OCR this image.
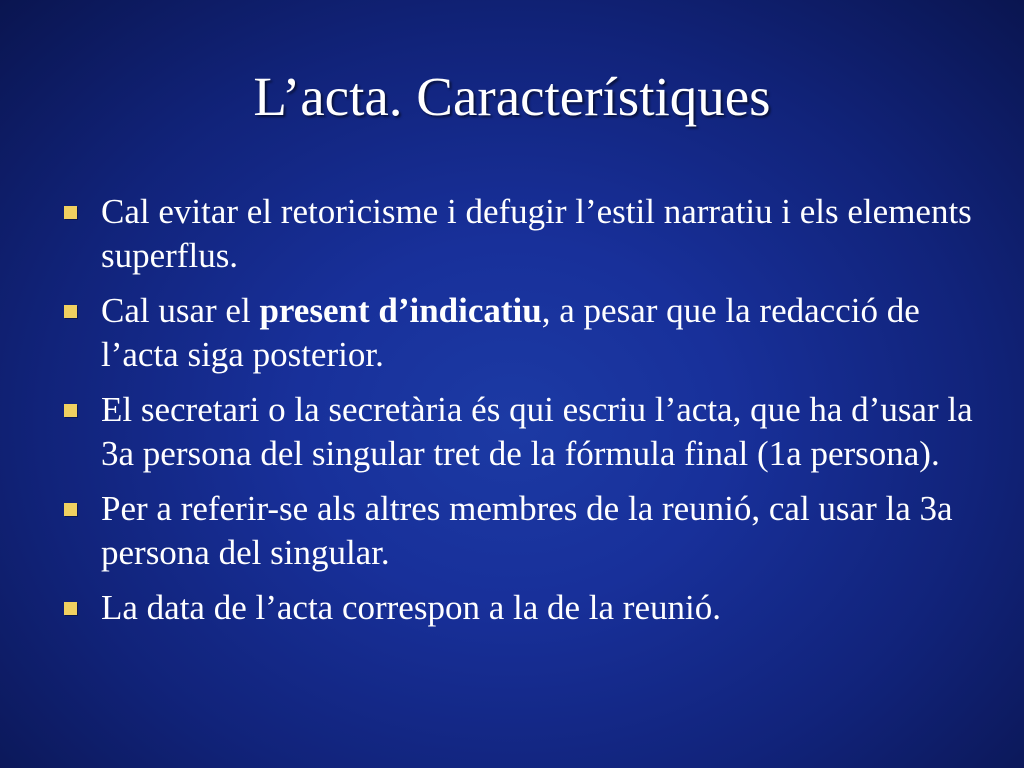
L’acta. Característiques
Cal evitar el retoricisme i defugir l’estil narratiu i els elements superflus.
Cal usar el present d’indicatiu, a pesar que la redacció de l’acta siga posterior.
El secretari o la secretària és qui escriu l’acta, que ha d’usar la 3a persona del singular tret de la fórmula final (1a persona).
Per a referir-se als altres membres de la reunió, cal usar la 3a persona del singular.
La data de l’acta correspon a la de la reunió.
